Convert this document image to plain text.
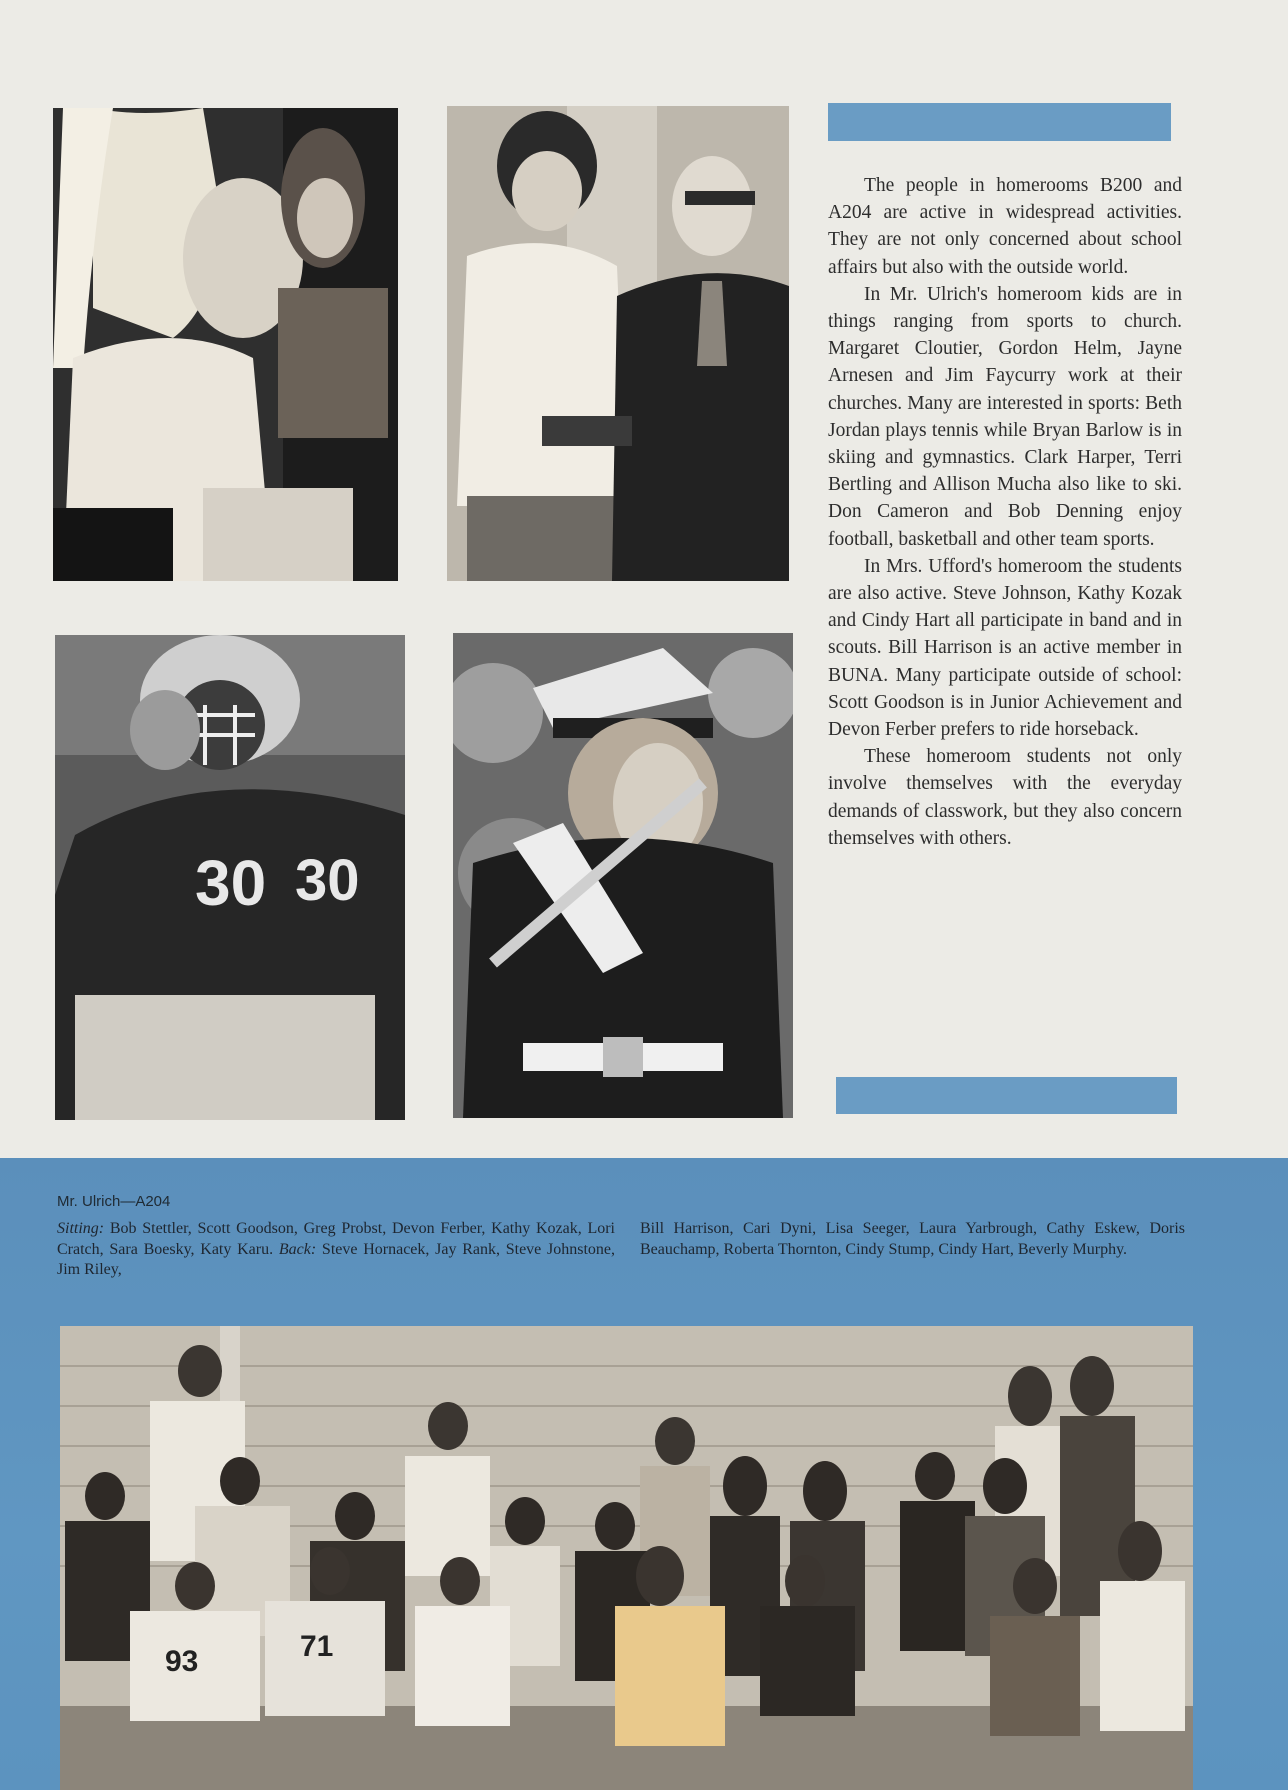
30 30

The people in homerooms B200 and A204 are active in widespread activities. They are not only concerned about school affairs but also with the outside world.

In Mr. Ulrich's homeroom kids are in things ranging from sports to church. Margaret Cloutier, Gordon Helm, Jayne Arnesen and Jim Faycurry work at their churches. Many are interested in sports: Beth Jordan plays tennis while Bryan Barlow is in skiing and gymnastics. Clark Harper, Terri Bertling and Allison Mucha also like to ski. Don Cameron and Bob Denning enjoy football, basketball and other team sports.

In Mrs. Ufford's homeroom the students are also active. Steve Johnson, Kathy Kozak and Cindy Hart all participate in band and in scouts. Bill Harrison is an active member in BUNA. Many participate outside of school: Scott Goodson is in Junior Achievement and Devon Ferber prefers to ride horseback.

These homeroom students not only involve themselves with the everyday demands of classwork, but they also concern themselves with others.

Mr. Ulrich—A204
Sitting: Bob Stettler, Scott Goodson, Greg Probst, Devon Ferber, Kathy Kozak, Lori Cratch, Sara Boesky, Katy Karu. Back: Steve Hornacek, Jay Rank, Steve Johnstone, Jim Riley,
Bill Harrison, Cari Dyni, Lisa Seeger, Laura Yarbrough, Cathy Eskew, Doris Beauchamp, Roberta Thornton, Cindy Stump, Cindy Hart, Beverly Murphy.
93	71
